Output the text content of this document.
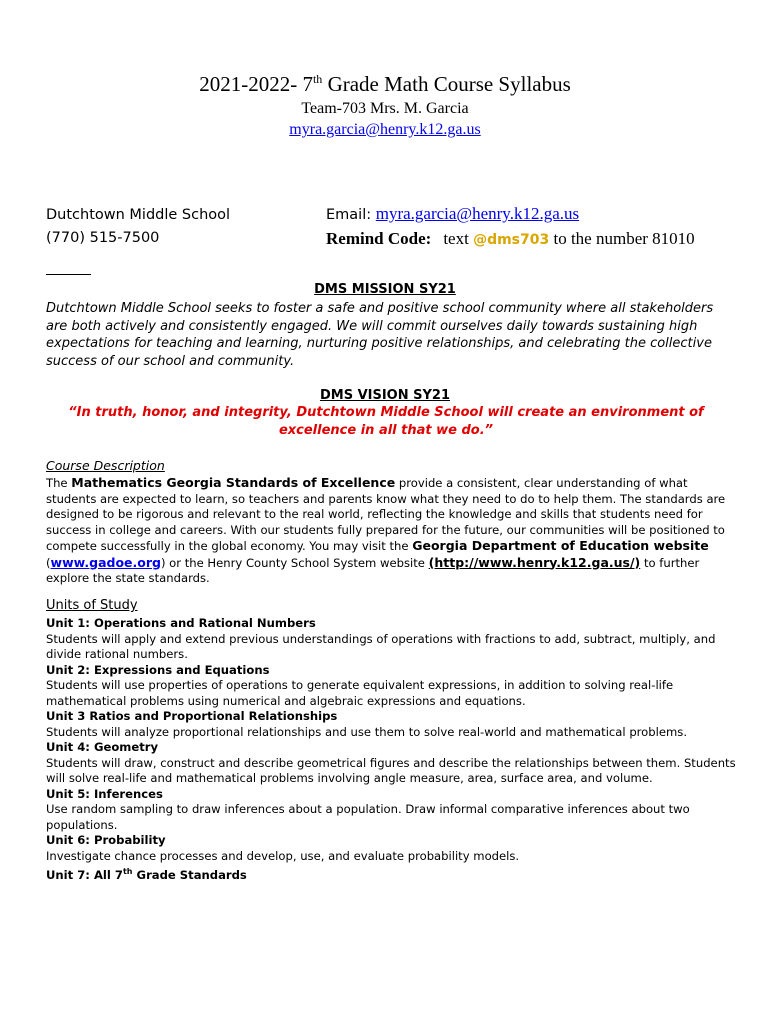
2021-2022- 7th Grade Math Course Syllabus
Team-703 Mrs. M. Garcia
myra.garcia@henry.k12.ga.us
Dutchtown Middle School
(770) 515-7500
Email: myra.garcia@henry.k12.ga.us
Remind Code: text @dms703 to the number 81010
DMS MISSION SY21
Dutchtown Middle School seeks to foster a safe and positive school community where all stakeholders are both actively and consistently engaged. We will commit ourselves daily towards sustaining high expectations for teaching and learning, nurturing positive relationships, and celebrating the collective success of our school and community.
DMS VISION SY21
“In truth, honor, and integrity, Dutchtown Middle School will create an environment of excellence in all that we do.”
Course Description
The Mathematics Georgia Standards of Excellence provide a consistent, clear understanding of what students are expected to learn, so teachers and parents know what they need to do to help them. The standards are designed to be rigorous and relevant to the real world, reflecting the knowledge and skills that students need for success in college and careers. With our students fully prepared for the future, our communities will be positioned to compete successfully in the global economy. You may visit the Georgia Department of Education website (www.gadoe.org) or the Henry County School System website (http://www.henry.k12.ga.us/) to further explore the state standards.
Units of Study
Unit 1: Operations and Rational Numbers
Students will apply and extend previous understandings of operations with fractions to add, subtract, multiply, and divide rational numbers.
Unit 2: Expressions and Equations
Students will use properties of operations to generate equivalent expressions, in addition to solving real-life mathematical problems using numerical and algebraic expressions and equations.
Unit 3 Ratios and Proportional Relationships
Students will analyze proportional relationships and use them to solve real-world and mathematical problems.
Unit 4: Geometry
Students will draw, construct and describe geometrical figures and describe the relationships between them. Students will solve real-life and mathematical problems involving angle measure, area, surface area, and volume.
Unit 5: Inferences
Use random sampling to draw inferences about a population. Draw informal comparative inferences about two populations.
Unit 6: Probability
Investigate chance processes and develop, use, and evaluate probability models.
Unit 7: All 7th Grade Standards
